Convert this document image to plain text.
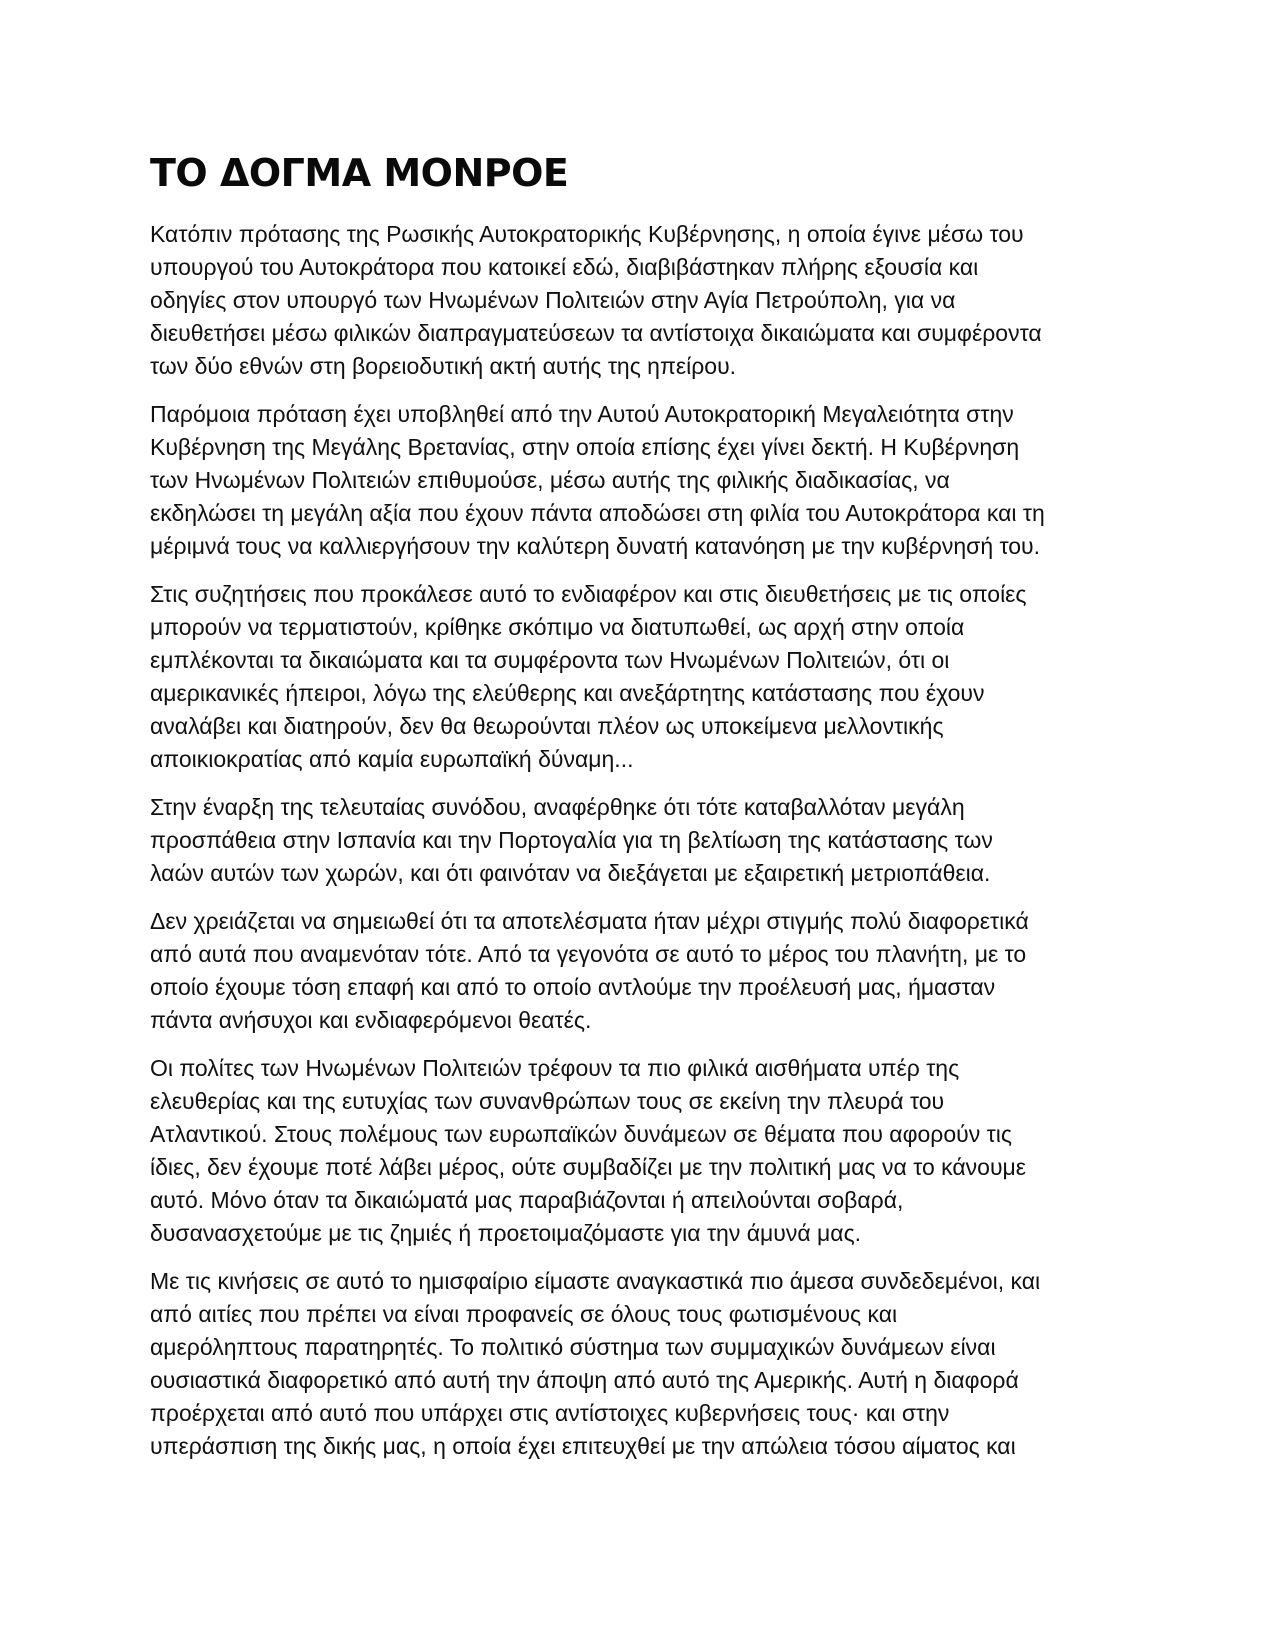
ΤΟ ΔΟΓΜΑ ΜΟΝΡΟΕ

Κατόπιν πρότασης της Ρωσικής Αυτοκρατορικής Κυβέρνησης, η οποία έγινε μέσω του
υπουργού του Αυτοκράτορα που κατοικεί εδώ, διαβιβάστηκαν πλήρης εξουσία και
οδηγίες στον υπουργό των Ηνωμένων Πολιτειών στην Αγία Πετρούπολη, για να
διευθετήσει μέσω φιλικών διαπραγματεύσεων τα αντίστοιχα δικαιώματα και συμφέροντα
των δύο εθνών στη βορειοδυτική ακτή αυτής της ηπείρου.

Παρόμοια πρόταση έχει υποβληθεί από την Αυτού Αυτοκρατορική Μεγαλειότητα στην
Κυβέρνηση της Μεγάλης Βρετανίας, στην οποία επίσης έχει γίνει δεκτή. Η Κυβέρνηση
των Ηνωμένων Πολιτειών επιθυμούσε, μέσω αυτής της φιλικής διαδικασίας, να
εκδηλώσει τη μεγάλη αξία που έχουν πάντα αποδώσει στη φιλία του Αυτοκράτορα και τη
μέριμνά τους να καλλιεργήσουν την καλύτερη δυνατή κατανόηση με την κυβέρνησή του.

Στις συζητήσεις που προκάλεσε αυτό το ενδιαφέρον και στις διευθετήσεις με τις οποίες
μπορούν να τερματιστούν, κρίθηκε σκόπιμο να διατυπωθεί, ως αρχή στην οποία
εμπλέκονται τα δικαιώματα και τα συμφέροντα των Ηνωμένων Πολιτειών, ότι οι
αμερικανικές ήπειροι, λόγω της ελεύθερης και ανεξάρτητης κατάστασης που έχουν
αναλάβει και διατηρούν, δεν θα θεωρούνται πλέον ως υποκείμενα μελλοντικής
αποικιοκρατίας από καμία ευρωπαϊκή δύναμη...

Στην έναρξη της τελευταίας συνόδου, αναφέρθηκε ότι τότε καταβαλλόταν μεγάλη
προσπάθεια στην Ισπανία και την Πορτογαλία για τη βελτίωση της κατάστασης των
λαών αυτών των χωρών, και ότι φαινόταν να διεξάγεται με εξαιρετική μετριοπάθεια.

Δεν χρειάζεται να σημειωθεί ότι τα αποτελέσματα ήταν μέχρι στιγμής πολύ διαφορετικά
από αυτά που αναμενόταν τότε. Από τα γεγονότα σε αυτό το μέρος του πλανήτη, με το
οποίο έχουμε τόση επαφή και από το οποίο αντλούμε την προέλευσή μας, ήμασταν
πάντα ανήσυχοι και ενδιαφερόμενοι θεατές.

Οι πολίτες των Ηνωμένων Πολιτειών τρέφουν τα πιο φιλικά αισθήματα υπέρ της
ελευθερίας και της ευτυχίας των συνανθρώπων τους σε εκείνη την πλευρά του
Ατλαντικού. Στους πολέμους των ευρωπαϊκών δυνάμεων σε θέματα που αφορούν τις
ίδιες, δεν έχουμε ποτέ λάβει μέρος, ούτε συμβαδίζει με την πολιτική μας να το κάνουμε
αυτό. Μόνο όταν τα δικαιώματά μας παραβιάζονται ή απειλούνται σοβαρά,
δυσανασχετούμε με τις ζημιές ή προετοιμαζόμαστε για την άμυνά μας.

Με τις κινήσεις σε αυτό το ημισφαίριο είμαστε αναγκαστικά πιο άμεσα συνδεδεμένοι, και
από αιτίες που πρέπει να είναι προφανείς σε όλους τους φωτισμένους και
αμερόληπτους παρατηρητές. Το πολιτικό σύστημα των συμμαχικών δυνάμεων είναι
ουσιαστικά διαφορετικό από αυτή την άποψη από αυτό της Αμερικής. Αυτή η διαφορά
προέρχεται από αυτό που υπάρχει στις αντίστοιχες κυβερνήσεις τους· και στην
υπεράσπιση της δικής μας, η οποία έχει επιτευχθεί με την απώλεια τόσου αίματος και
